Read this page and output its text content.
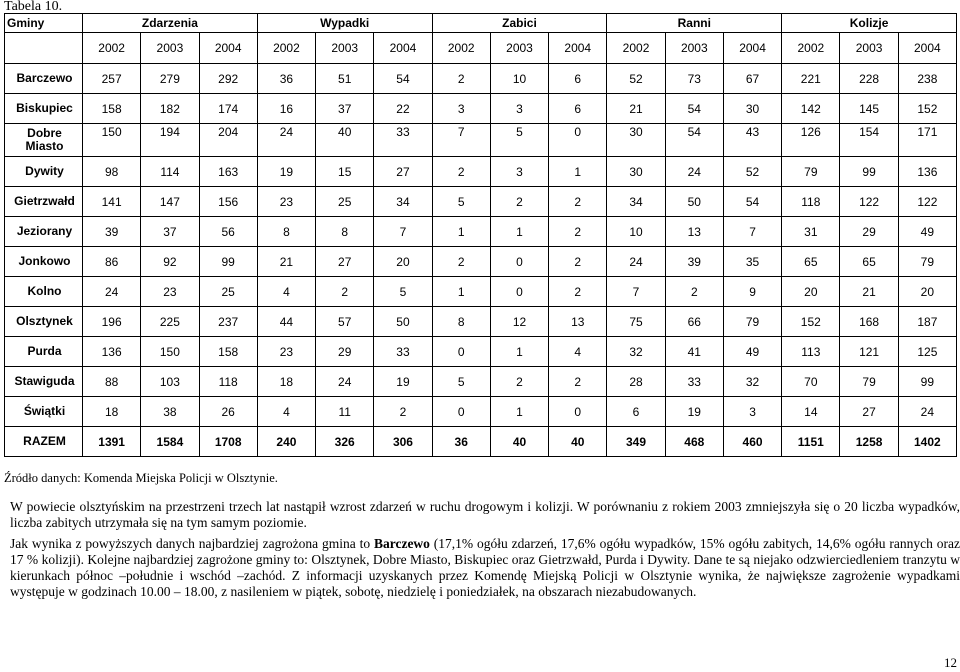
Tabela 10.
Gminy	Zdarzenia			Wypadki			Zabici			Ranni			Kolizje		
	2002	2003	2004	2002	2003	2004	2002	2003	2004	2002	2003	2004	2002	2003	2004
Barczewo	257	279	292	36	51	54	2	10	6	52	73	67	221	228	238
Biskupiec	158	182	174	16	37	22	3	3	6	21	54	30	142	145	152
Dobre Miasto	150	194	204	24	40	33	7	5	0	30	54	43	126	154	171
Dywity	98	114	163	19	15	27	2	3	1	30	24	52	79	99	136
Gietrzwałd	141	147	156	23	25	34	5	2	2	34	50	54	118	122	122
Jeziorany	39	37	56	8	8	7	1	1	2	10	13	7	31	29	49
Jonkowo	86	92	99	21	27	20	2	0	2	24	39	35	65	65	79
Kolno	24	23	25	4	2	5	1	0	2	7	2	9	20	21	20
Olsztynek	196	225	237	44	57	50	8	12	13	75	66	79	152	168	187
Purda	136	150	158	23	29	33	0	1	4	32	41	49	113	121	125
Stawiguda	88	103	118	18	24	19	5	2	2	28	33	32	70	79	99
Świątki	18	38	26	4	11	2	0	1	0	6	19	3	14	27	24
RAZEM	1391	1584	1708	240	326	306	36	40	40	349	468	460	1151	1258	1402
Źródło danych: Komenda Miejska Policji w Olsztynie.
W powiecie olsztyńskim na przestrzeni trzech lat nastąpił wzrost zdarzeń w ruchu drogowym i kolizji. W porównaniu z rokiem 2003 zmniejszyła się o 20 liczba wypadków, liczba zabitych utrzymała się na tym samym poziomie.
Jak wynika z powyższych danych najbardziej zagrożona gmina to Barczewo (17,1% ogółu zdarzeń, 17,6% ogółu wypadków, 15% ogółu zabitych, 14,6% ogółu rannych oraz 17 % kolizji). Kolejne najbardziej zagrożone gminy to: Olsztynek, Dobre Miasto, Biskupiec oraz Gietrzwałd, Purda i Dywity. Dane te są niejako odzwierciedleniem tranzytu w kierunkach północ –południe i wschód –zachód. Z informacji uzyskanych przez Komendę Miejską Policji w Olsztynie wynika, że największe zagrożenie wypadkami występuje w godzinach 10.00 – 18.00, z nasileniem w piątek, sobotę, niedzielę i poniedziałek, na obszarach niezabudowanych.
12
